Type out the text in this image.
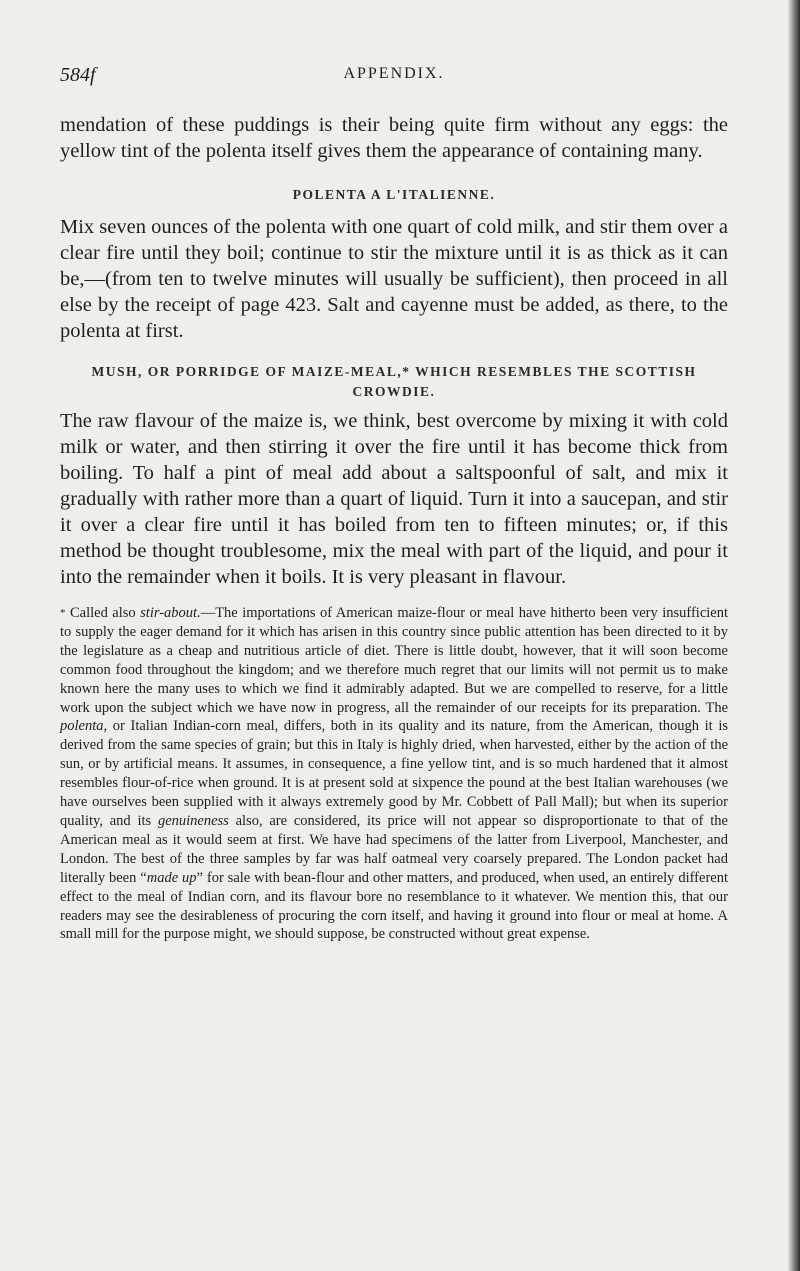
584f	APPENDIX.

mendation of these puddings is their being quite firm without any eggs: the yellow tint of the polenta itself gives them the appearance of containing many.

POLENTA A L'ITALIENNE.

Mix seven ounces of the polenta with one quart of cold milk, and stir them over a clear fire until they boil; continue to stir the mixture until it is as thick as it can be,—(from ten to twelve minutes will usually be sufficient), then proceed in all else by the receipt of page 423. Salt and cayenne must be added, as there, to the polenta at first.

MUSH, OR PORRIDGE OF MAIZE-MEAL,* WHICH RESEMBLES THE SCOTTISH CROWDIE.

The raw flavour of the maize is, we think, best overcome by mixing it with cold milk or water, and then stirring it over the fire until it has become thick from boiling. To half a pint of meal add about a saltspoonful of salt, and mix it gradually with rather more than a quart of liquid. Turn it into a saucepan, and stir it over a clear fire until it has boiled from ten to fifteen minutes; or, if this method be thought troublesome, mix the meal with part of the liquid, and pour it into the remainder when it boils. It is very pleasant in flavour.

* Called also stir-about.—The importations of American maize-flour or meal have hitherto been very insufficient to supply the eager demand for it which has arisen in this country since public attention has been directed to it by the legislature as a cheap and nutritious article of diet. There is little doubt, however, that it will soon become common food throughout the kingdom; and we therefore much regret that our limits will not permit us to make known here the many uses to which we find it admirably adapted. But we are compelled to reserve, for a little work upon the subject which we have now in progress, all the remainder of our receipts for its preparation. The polenta, or Italian Indian-corn meal, differs, both in its quality and its nature, from the American, though it is derived from the same species of grain; but this in Italy is highly dried, when harvested, either by the action of the sun, or by artificial means. It assumes, in consequence, a fine yellow tint, and is so much hardened that it almost resembles flour-of-rice when ground. It is at present sold at sixpence the pound at the best Italian warehouses (we have ourselves been supplied with it always extremely good by Mr. Cobbett of Pall Mall); but when its superior quality, and its genuineness also, are considered, its price will not appear so disproportionate to that of the American meal as it would seem at first. We have had specimens of the latter from Liverpool, Manchester, and London. The best of the three samples by far was half oatmeal very coarsely prepared. The London packet had literally been “made up” for sale with bean-flour and other matters, and produced, when used, an entirely different effect to the meal of Indian corn, and its flavour bore no resemblance to it whatever. We mention this, that our readers may see the desirableness of procuring the corn itself, and having it ground into flour or meal at home. A small mill for the purpose might, we should suppose, be constructed without great expense.
